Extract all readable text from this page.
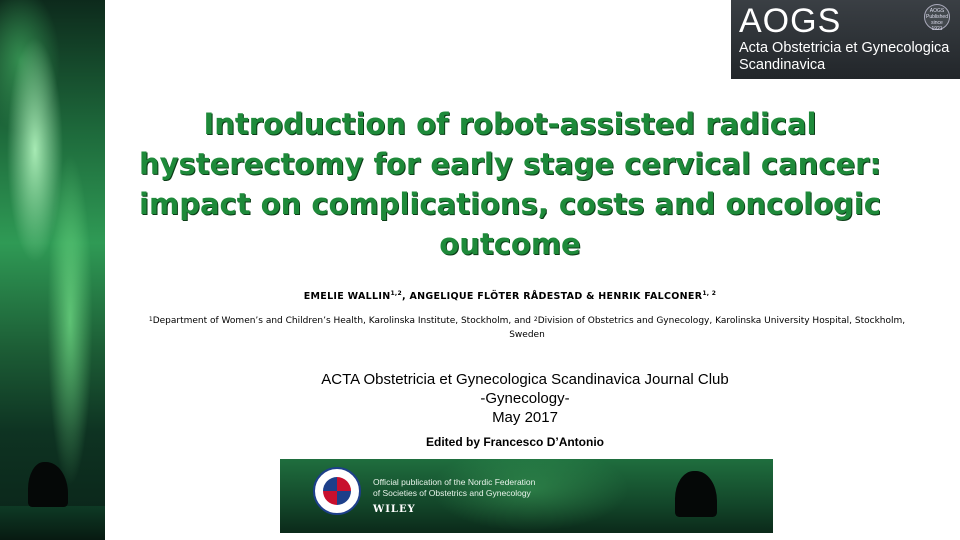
AOGS
Acta Obstetricia et Gynecologica
Scandinavica
AOGS
Published
since 1921
Introduction of robot-assisted radical
hysterectomy for early stage cervical cancer:
impact on complications, costs and oncologic
outcome
EMELIE WALLIN$^{1,2}$, ANGELIQUE FLÖTER RÅDESTAD & HENRIK FALCONER$^{1, 2}$
$^1$Department of Women’s and Children’s Health, Karolinska Institute, Stockholm, and $^2$Division of Obstetrics and Gynecology, Karolinska University Hospital, Stockholm,
Sweden
ACTA Obstetricia et Gynecologica Scandinavica Journal Club
-Gynecology-
May 2017
Edited by Francesco D’Antonio
Official publication of the Nordic Federation
of Societies of Obstetrics and Gynecology
WILEY
